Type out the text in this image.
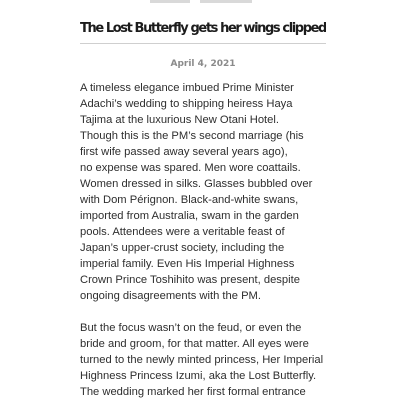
The Lost Butterfly gets her wings clipped
April 4, 2021

A timeless elegance imbued Prime Minister
Adachi’s wedding to shipping heiress Haya
Tajima at the luxurious New Otani Hotel.
Though this is the PM’s second marriage (his
first wife passed away several years ago),
no expense was spared. Men wore coattails.
Women dressed in silks. Glasses bubbled over
with Dom Pérignon. Black-and-white swans,
imported from Australia, swam in the garden
pools. Attendees were a veritable feast of
Japan’s upper-crust society, including the
imperial family. Even His Imperial Highness
Crown Prince Toshihito was present, despite
ongoing disagreements with the PM.

But the focus wasn’t on the feud, or even the
bride and groom, for that matter. All eyes were
turned to the newly minted princess, Her Imperial
Highness Princess Izumi, aka the Lost Butterfly.
The wedding marked her first formal entrance
